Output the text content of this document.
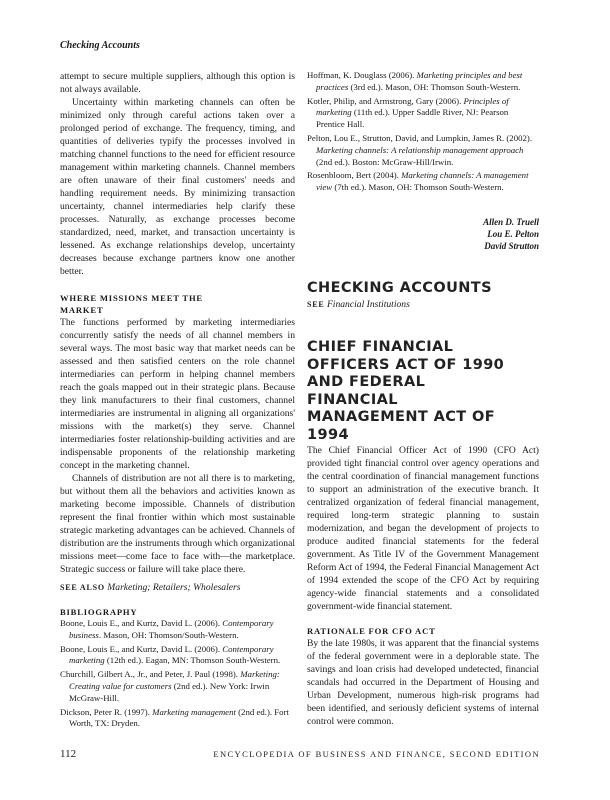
Checking Accounts

attempt to secure multiple suppliers, although this option is not always available.

Uncertainty within marketing channels can often be minimized only through careful actions taken over a prolonged period of exchange. The frequency, timing, and quantities of deliveries typify the processes involved in matching channel functions to the need for efficient resource management within marketing channels. Channel members are often unaware of their final customers' needs and handling requirement needs. By minimizing transaction uncertainty, channel intermediaries help clarify these processes. Naturally, as exchange processes become standardized, need, market, and transaction uncertainty is lessened. As exchange relationships develop, uncertainty decreases because exchange partners know one another better.

WHERE MISSIONS MEET THE
MARKET

The functions performed by marketing intermediaries concurrently satisfy the needs of all channel members in several ways. The most basic way that market needs can be assessed and then satisfied centers on the role channel intermediaries can perform in helping channel members reach the goals mapped out in their strategic plans. Because they link manufacturers to their final customers, channel intermediaries are instrumental in aligning all organizations' missions with the market(s) they serve. Channel intermediaries foster relationship-building activities and are indispensable proponents of the relationship marketing concept in the marketing channel.

Channels of distribution are not all there is to marketing, but without them all the behaviors and activities known as marketing become impossible. Channels of distribution represent the final frontier within which most sustainable strategic marketing advantages can be achieved. Channels of distribution are the instruments through which organizational missions meet—come face to face with—the marketplace. Strategic success or failure will take place there.

SEE ALSO Marketing; Retailers; Wholesalers
BIBLIOGRAPHY

Boone, Louis E., and Kurtz, David L. (2006). Contemporary business. Mason, OH: Thomson/South-Western.

Boone, Louis E., and Kurtz, David L. (2006). Contemporary marketing (12th ed.). Eagan, MN: Thomson South-Western.

Churchill, Gilbert A., Jr., and Peter, J. Paul (1998). Marketing: Creating value for customers (2nd ed.). New York: Irwin McGraw-Hill.

Dickson, Peter R. (1997). Marketing management (2nd ed.). Fort Worth, TX: Dryden.

Hoffman, K. Douglass (2006). Marketing principles and best practices (3rd ed.). Mason, OH: Thomson South-Western.

Kotler, Philip, and Armstrong, Gary (2006). Principles of marketing (11th ed.). Upper Saddle River, NJ: Pearson Prentice Hall.

Pelton, Lou E., Strutton, David, and Lumpkin, James R. (2002). Marketing channels: A relationship management approach (2nd ed.). Boston: McGraw-Hill/Irwin.

Rosenbloom, Bert (2004). Marketing channels: A management view (7th ed.). Mason, OH: Thomson South-Western.

Allen D. Truell
Lou E. Pelton
David Strutton
CHECKING ACCOUNTS
SEE Financial Institutions
CHIEF FINANCIAL
OFFICERS ACT OF 1990
AND FEDERAL
FINANCIAL
MANAGEMENT ACT OF
1994

The Chief Financial Officer Act of 1990 (CFO Act) provided tight financial control over agency operations and the central coordination of financial management functions to support an administration of the executive branch. It centralized organization of federal financial management, required long-term strategic planning to sustain modernization, and began the development of projects to produce audited financial statements for the federal government. As Title IV of the Government Management Reform Act of 1994, the Federal Financial Management Act of 1994 extended the scope of the CFO Act by requiring agency-wide financial statements and a consolidated government-wide financial statement.

RATIONALE FOR CFO ACT

By the late 1980s, it was apparent that the financial systems of the federal government were in a deplorable state. The savings and loan crisis had developed undetected, financial scandals had occurred in the Department of Housing and Urban Development, numerous high-risk programs had been identified, and seriously deficient systems of internal control were common.

112	ENCYCLOPEDIA OF BUSINESS AND FINANCE, SECOND EDITION
